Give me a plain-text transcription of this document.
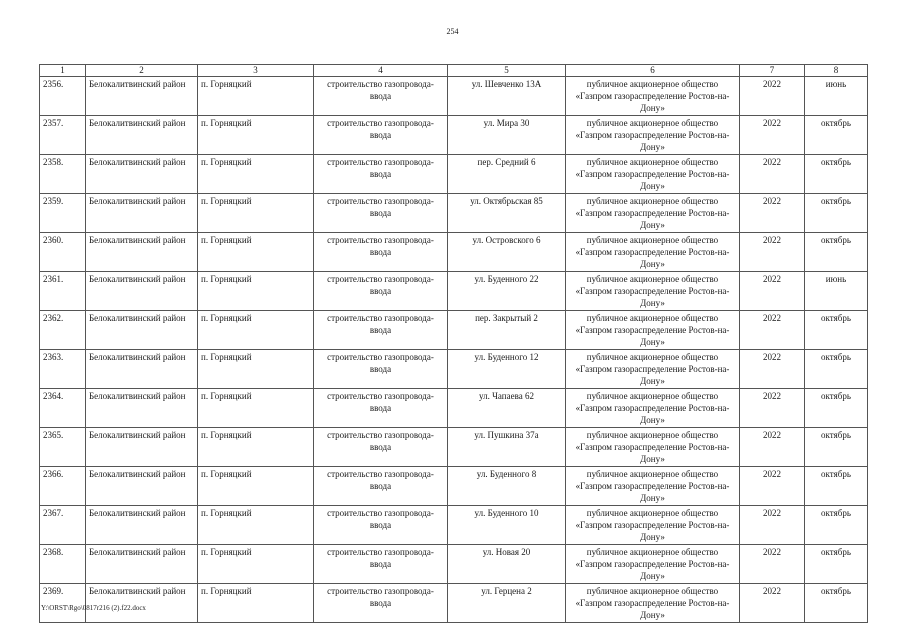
254
1	2	3	4	5	6	7	8
2356.	Белокалитвинский район	п. Горняцкий	строительство газопровода-ввода	ул. Шевченко 13А	публичное акционерное общество «Газпром газораспределение Ростов-на-Дону»	2022	июнь
2357.	Белокалитвинский район	п. Горняцкий	строительство газопровода-ввода	ул. Мира 30	публичное акционерное общество «Газпром газораспределение Ростов-на-Дону»	2022	октябрь
2358.	Белокалитвинский район	п. Горняцкий	строительство газопровода-ввода	пер. Средний 6	публичное акционерное общество «Газпром газораспределение Ростов-на-Дону»	2022	октябрь
2359.	Белокалитвинский район	п. Горняцкий	строительство газопровода-ввода	ул. Октябрьская 85	публичное акционерное общество «Газпром газораспределение Ростов-на-Дону»	2022	октябрь
2360.	Белокалитвинский район	п. Горняцкий	строительство газопровода-ввода	ул. Островского 6	публичное акционерное общество «Газпром газораспределение Ростов-на-Дону»	2022	октябрь
2361.	Белокалитвинский район	п. Горняцкий	строительство газопровода-ввода	ул. Буденного 22	публичное акционерное общество «Газпром газораспределение Ростов-на-Дону»	2022	июнь
2362.	Белокалитвинский район	п. Горняцкий	строительство газопровода-ввода	пер. Закрытый 2	публичное акционерное общество «Газпром газораспределение Ростов-на-Дону»	2022	октябрь
2363.	Белокалитвинский район	п. Горняцкий	строительство газопровода-ввода	ул. Буденного 12	публичное акционерное общество «Газпром газораспределение Ростов-на-Дону»	2022	октябрь
2364.	Белокалитвинский район	п. Горняцкий	строительство газопровода-ввода	ул. Чапаева 62	публичное акционерное общество «Газпром газораспределение Ростов-на-Дону»	2022	октябрь
2365.	Белокалитвинский район	п. Горняцкий	строительство газопровода-ввода	ул. Пушкина 37а	публичное акционерное общество «Газпром газораспределение Ростов-на-Дону»	2022	октябрь
2366.	Белокалитвинский район	п. Горняцкий	строительство газопровода-ввода	ул. Буденного 8	публичное акционерное общество «Газпром газораспределение Ростов-на-Дону»	2022	октябрь
2367.	Белокалитвинский район	п. Горняцкий	строительство газопровода-ввода	ул. Буденного 10	публичное акционерное общество «Газпром газораспределение Ростов-на-Дону»	2022	октябрь
2368.	Белокалитвинский район	п. Горняцкий	строительство газопровода-ввода	ул. Новая 20	публичное акционерное общество «Газпром газораспределение Ростов-на-Дону»	2022	октябрь
2369.	Белокалитвинский район	п. Горняцкий	строительство газопровода-ввода	ул. Герцена 2	публичное акционерное общество «Газпром газораспределение Ростов-на-Дону»	2022	октябрь
Y:\ORST\Rgo\0817r216 (2).f22.docx
